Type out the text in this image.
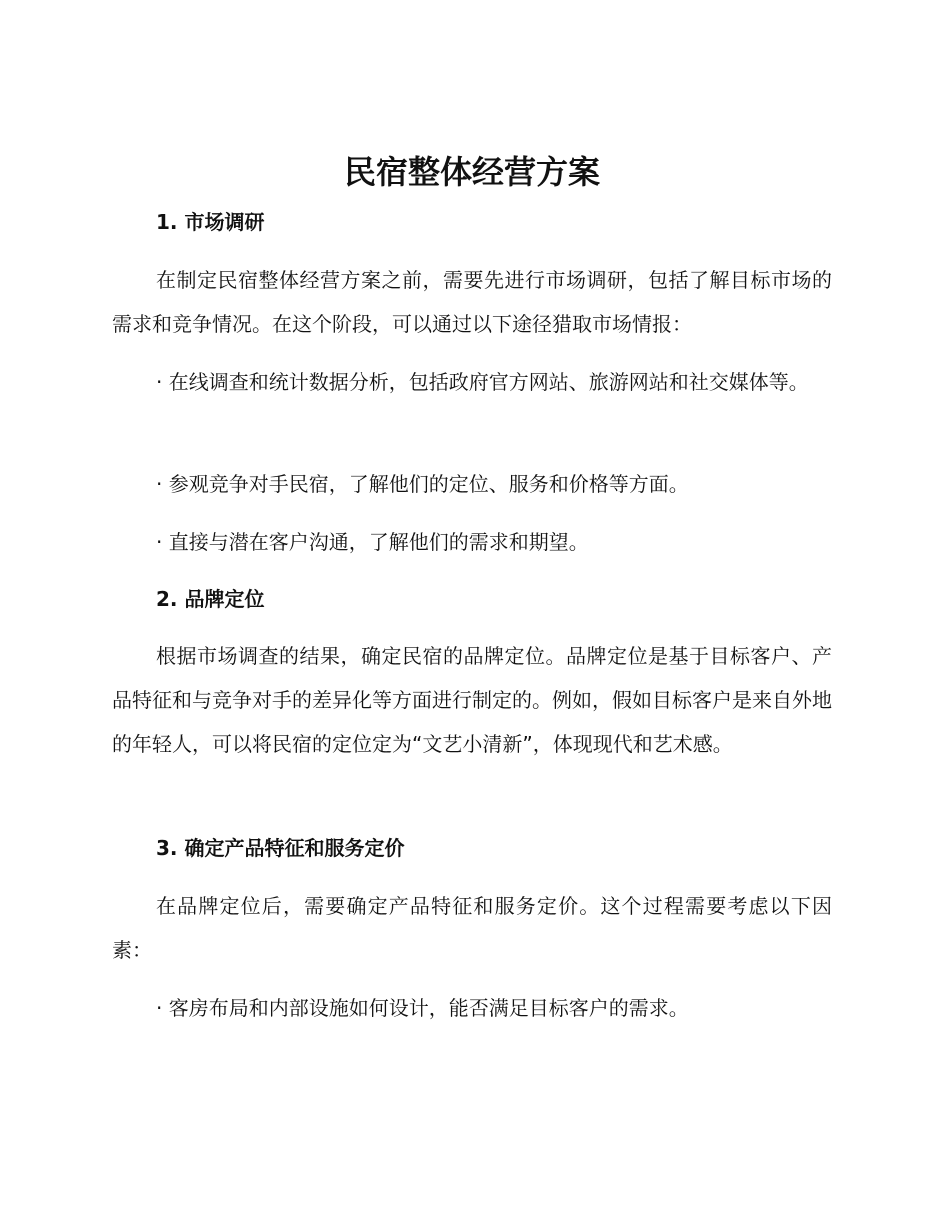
民宿整体经营方案
1. 市场调研

在制定民宿整体经营方案之前，需要先进行市场调研，包括了解目标市场的需求和竞争情况。在这个阶段，可以通过以下途径猎取市场情报：

· 在线调查和统计数据分析，包括政府官方网站、旅游网站和社交媒体等。

· 参观竞争对手民宿，了解他们的定位、服务和价格等方面。

· 直接与潜在客户沟通，了解他们的需求和期望。

2. 品牌定位

根据市场调查的结果，确定民宿的品牌定位。品牌定位是基于目标客户、产品特征和与竞争对手的差异化等方面进行制定的。例如，假如目标客户是来自外地的年轻人，可以将民宿的定位定为“文艺小清新”，体现现代和艺术感。

3. 确定产品特征和服务定价

在品牌定位后，需要确定产品特征和服务定价。这个过程需要考虑以下因素：

· 客房布局和内部设施如何设计，能否满足目标客户的需求。
